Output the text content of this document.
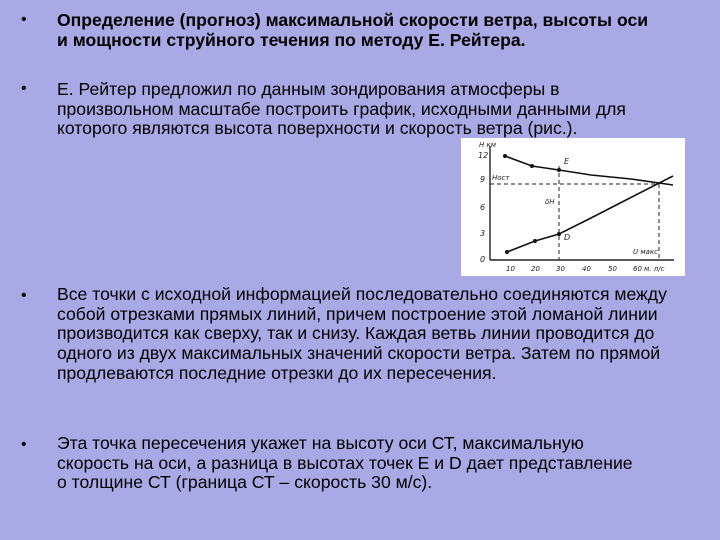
• Определение (прогноз) максимальной скорости ветра, высоты оси и мощности струйного течения по методу Е. Рейтера.

• Е. Рейтер предложил по данным зондирования атмосферы в произвольном масштабе построить график, исходными данными для которого являются высота поверхности и скорость ветра (рис.).

H км
12
9
6
3
0
10 20 30 40 50 60 м. л/с
Hост
U макс
E
D
δH
• Все точки с исходной информацией последовательно соединяются между собой отрезками прямых линий, причем построение этой ломаной линии производится как сверху, так и снизу. Каждая ветвь линии проводится до одного из двух максимальных значений скорости ветра. Затем по прямой продлеваются последние отрезки до их пересечения.

• Эта точка пересечения укажет на высоту оси СТ, максимальную скорость на оси, а разница в высотах точек Е и D дает представление о толщине СТ (граница СТ – скорость 30 м/с).
